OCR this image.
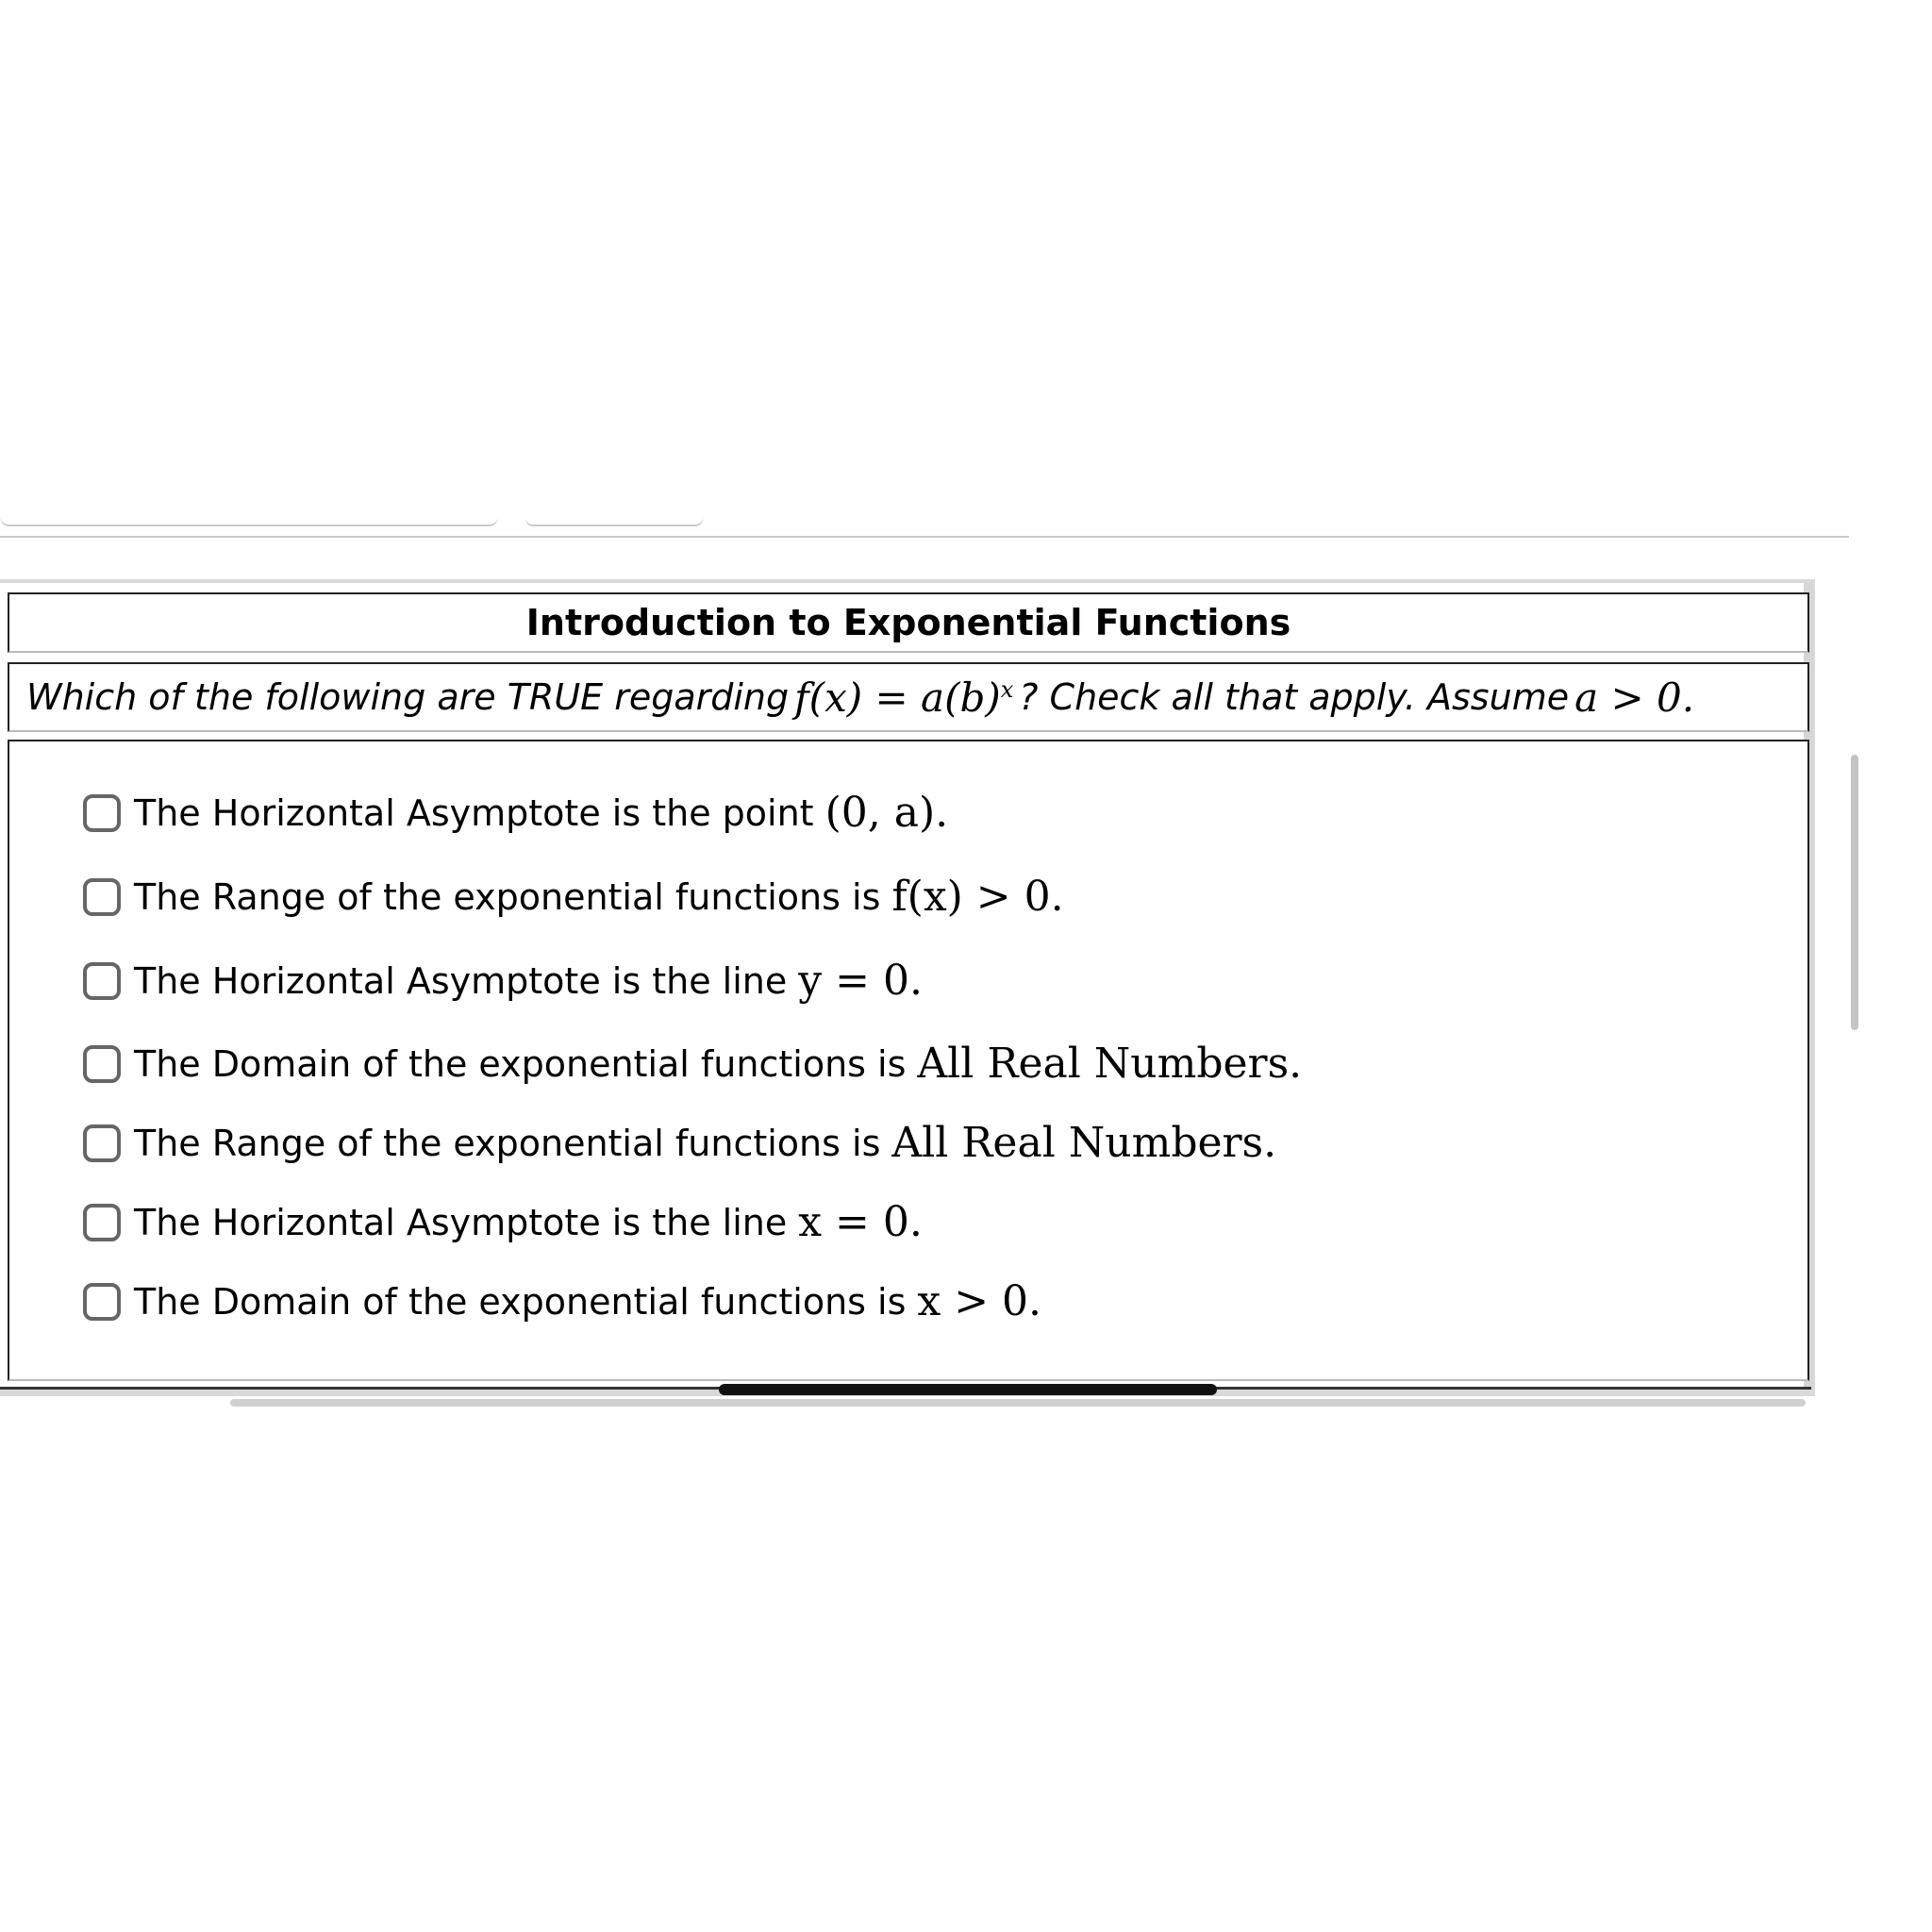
Introduction to Exponential Functions
Which of the following are TRUE regarding $f(x) = a(b)^x$ ? Check all that apply. Assume a > 0.
The Horizontal Asymptote is the point (0, a).
The Range of the exponential functions is f(x) > 0.
The Horizontal Asymptote is the line y = 0.
The Domain of the exponential functions is All Real Numbers.
The Range of the exponential functions is All Real Numbers.
The Horizontal Asymptote is the line x = 0.
The Domain of the exponential functions is x > 0.
